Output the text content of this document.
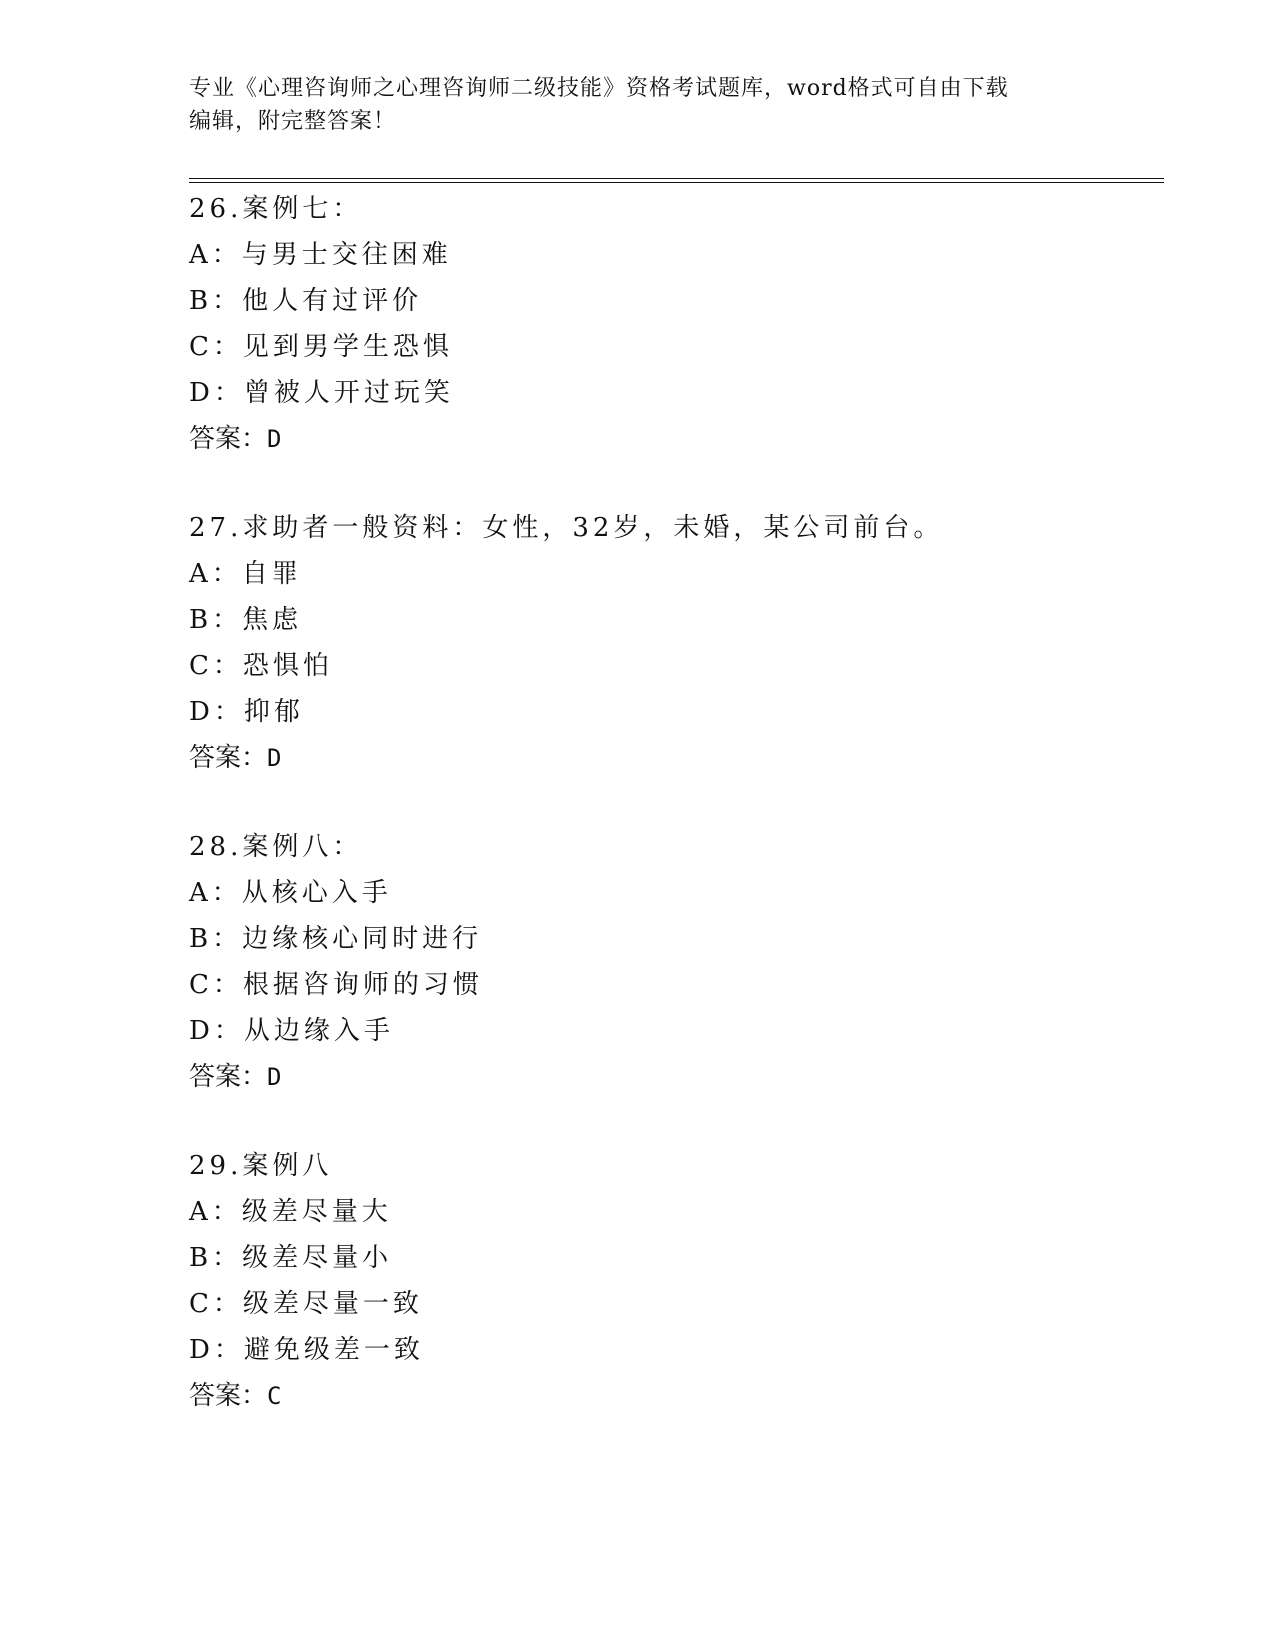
专业《心理咨询师之心理咨询师二级技能》资格考试题库，word格式可自由下载
编辑，附完整答案！
26.案例七：
A：与男士交往困难
B：他人有过评价
C：见到男学生恐惧
D：曾被人开过玩笑
答案：D
27.求助者一般资料：女性，32岁，未婚，某公司前台。
A：自罪
B：焦虑
C：恐惧怕
D：抑郁
答案：D
28.案例八：
A：从核心入手
B：边缘核心同时进行
C：根据咨询师的习惯
D：从边缘入手
答案：D
29.案例八
A：级差尽量大
B：级差尽量小
C：级差尽量一致
D：避免级差一致
答案：C
